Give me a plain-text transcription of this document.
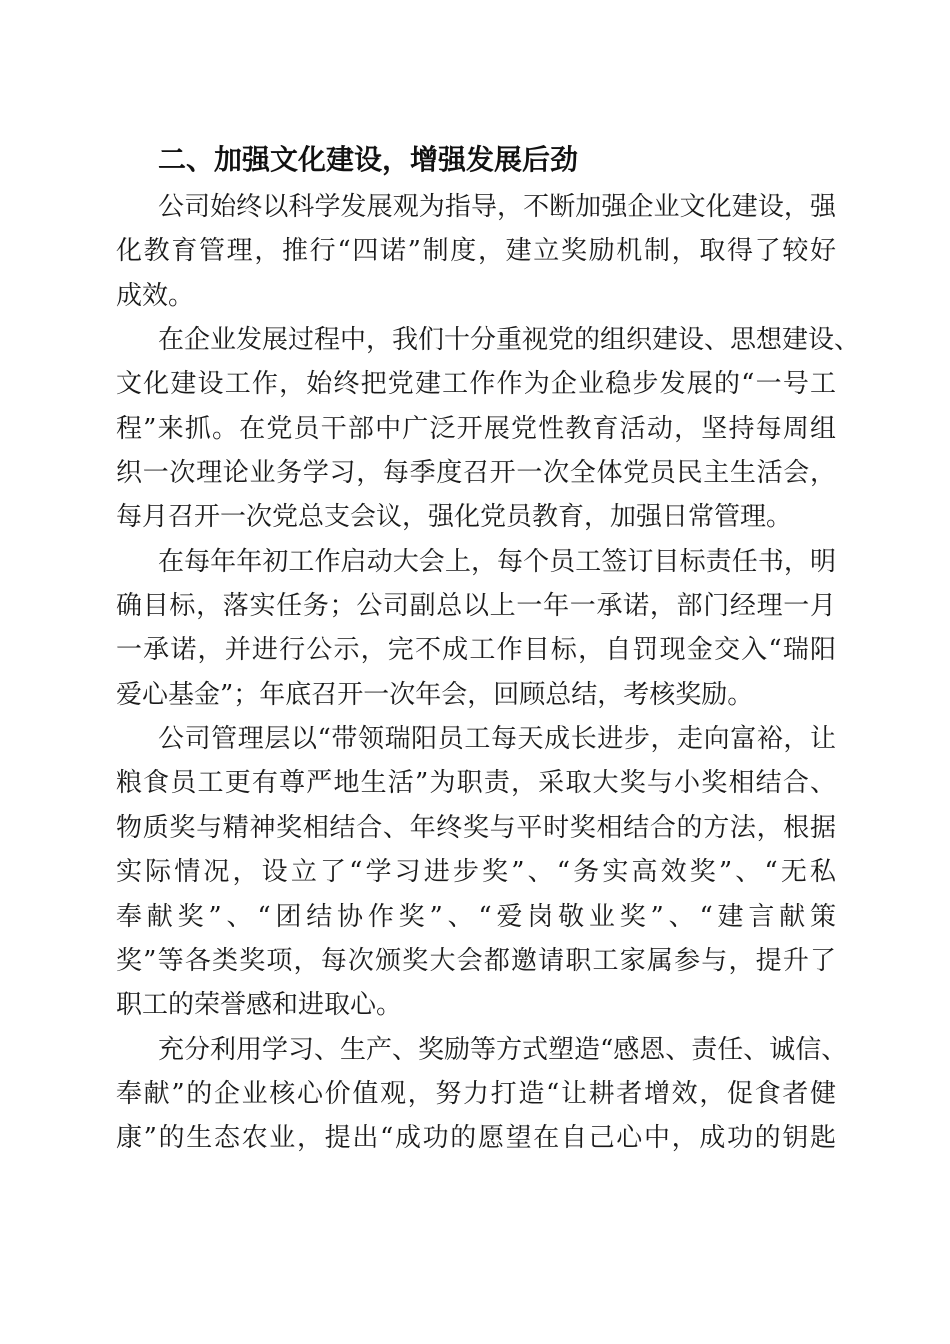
二、加强文化建设，增强发展后劲
公司始终以科学发展观为指导，不断加强企业文化建设，强
化教育管理，推行“四诺”制度，建立奖励机制，取得了较好
成效。
在企业发展过程中，我们十分重视党的组织建设、思想建设、
文化建设工作，始终把党建工作作为企业稳步发展的“一号工
程”来抓。在党员干部中广泛开展党性教育活动，坚持每周组
织一次理论业务学习，每季度召开一次全体党员民主生活会，
每月召开一次党总支会议，强化党员教育，加强日常管理。
在每年年初工作启动大会上，每个员工签订目标责任书，明
确目标，落实任务；公司副总以上一年一承诺，部门经理一月
一承诺，并进行公示，完不成工作目标，自罚现金交入“瑞阳
爱心基金”；年底召开一次年会，回顾总结，考核奖励。
公司管理层以“带领瑞阳员工每天成长进步，走向富裕，让
粮食员工更有尊严地生活”为职责，采取大奖与小奖相结合、
物质奖与精神奖相结合、年终奖与平时奖相结合的方法，根据
实际情况，设立了“学习进步奖”、“务实高效奖”、“无私
奉献奖”、“团结协作奖”、“爱岗敬业奖”、“建言献策
奖”等各类奖项，每次颁奖大会都邀请职工家属参与，提升了
职工的荣誉感和进取心。
充分利用学习、生产、奖励等方式塑造“感恩、责任、诚信、
奉献”的企业核心价值观，努力打造“让耕者增效，促食者健
康”的生态农业，提出“成功的愿望在自己心中，成功的钥匙
